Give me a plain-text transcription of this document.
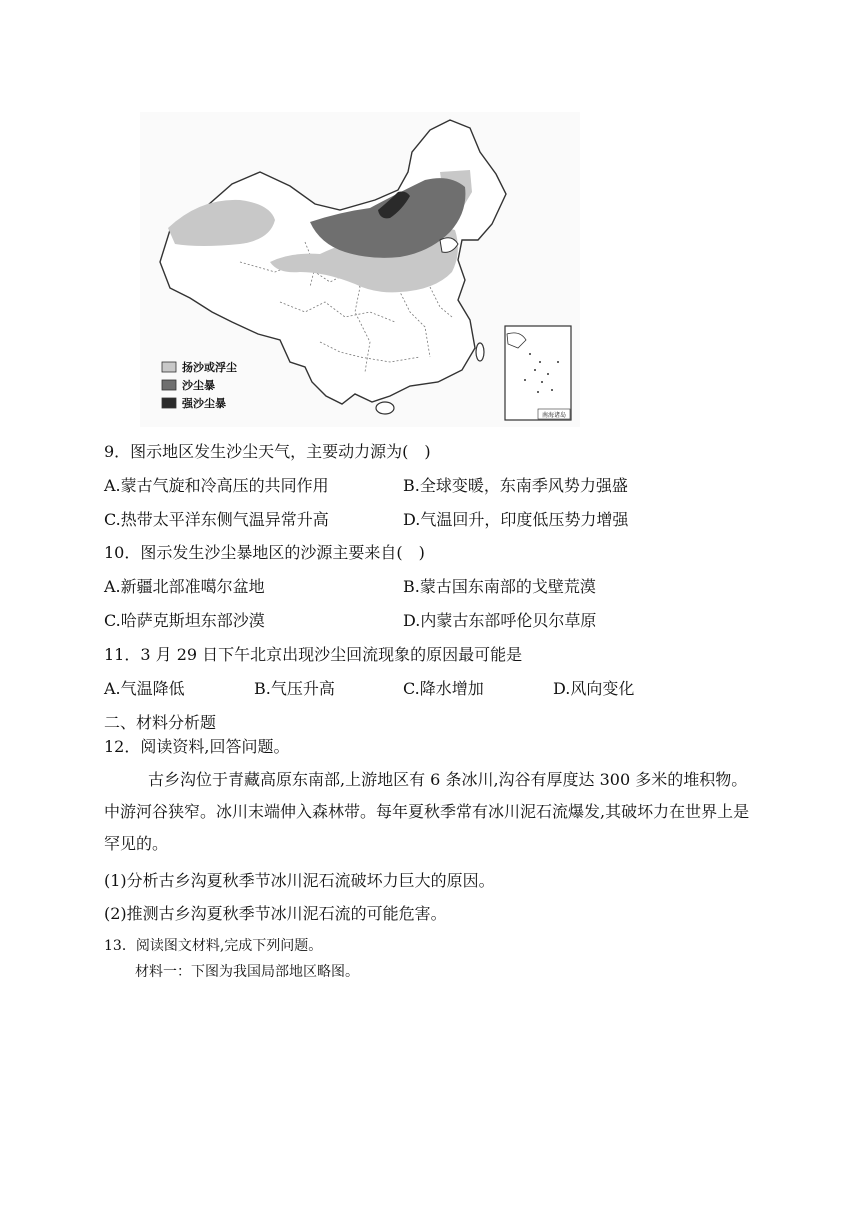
扬沙或浮尘
沙尘暴
强沙尘暴
南海诸岛
9．图示地区发生沙尘天气，主要动力源为(　)
A.蒙古气旋和冷高压的共同作用	B.全球变暖，东南季风势力强盛
C.热带太平洋东侧气温异常升高	D.气温回升，印度低压势力增强
10．图示发生沙尘暴地区的沙源主要来自(　)
A.新疆北部准噶尔盆地	B.蒙古国东南部的戈壁荒漠
C.哈萨克斯坦东部沙漠	D.内蒙古东部呼伦贝尔草原
11．3 月 29 日下午北京出现沙尘回流现象的原因最可能是
A.气温降低	B.气压升高	C.降水增加	D.风向变化
二、材料分析题
12．阅读资料,回答问题。
古乡沟位于青藏高原东南部,上游地区有 6 条冰川,沟谷有厚度达 300 多米的堆积物。中游河谷狭窄。冰川末端伸入森林带。每年夏秋季常有冰川泥石流爆发,其破坏力在世界上是罕见的。
(1)分析古乡沟夏秋季节冰川泥石流破坏力巨大的原因。
(2)推测古乡沟夏秋季节冰川泥石流的可能危害。
13．阅读图文材料,完成下列问题。
材料一：下图为我国局部地区略图。
